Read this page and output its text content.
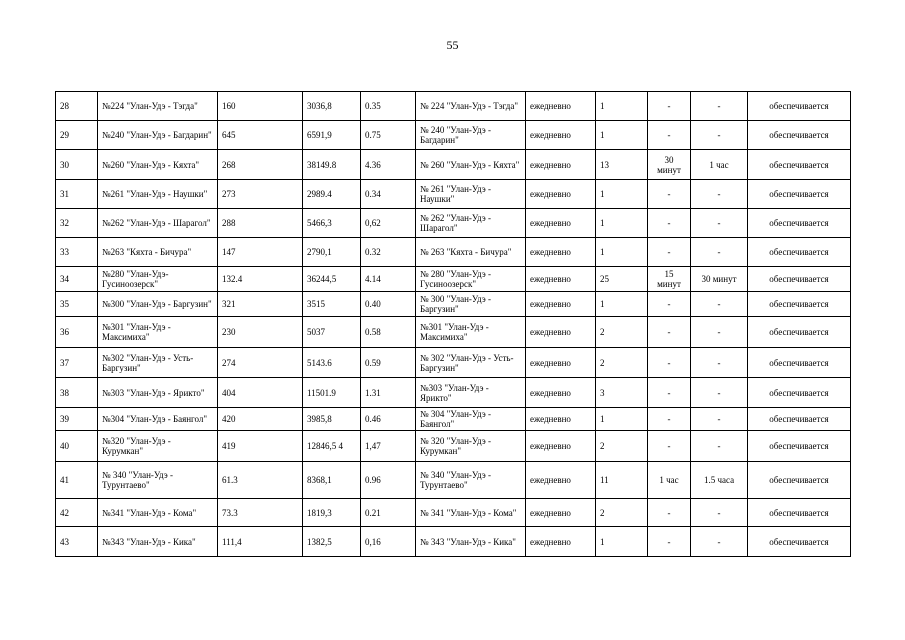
55
28	№224 "Улан-Удэ - Тэгда"	160	3036,8	0.35	№ 224 "Улан-Удэ - Тэгда"	ежедневно	1	-	-	обеспечивается
29	№240 "Улан-Удэ - Багдарин"	645	6591,9	0.75	№ 240 "Улан-Удэ - Багдарин"	ежедневно	1	-	-	обеспечивается
30	№260 "Улан-Удэ - Кяхта"	268	38149.8	4.36	№ 260 "Улан-Удэ - Кяхта"	ежедневно	13	30 минут	1 час	обеспечивается
31	№261 "Улан-Удэ - Наушки"	273	2989.4	0.34	№ 261 "Улан-Удэ - Наушки"	ежедневно	1	-	-	обеспечивается
32	№262 "Улан-Удэ - Шарагол"	288	5466,3	0,62	№ 262 "Улан-Удэ - Шарагол"	ежедневно	1	-	-	обеспечивается
33	№263 "Кяхта - Бичура"	147	2790,1	0.32	№ 263 "Кяхта - Бичура"	ежедневно	1	-	-	обеспечивается
34	№280 "Улан-Удэ-Гусиноозерск"	132.4	36244,5	4.14	№ 280 "Улан-Удэ - Гусиноозерск"	ежедневно	25	15 минут	30 минут	обеспечивается
35	№300 "Улан-Удэ - Баргузин"	321	3515	0.40	№ 300 "Улан-Удэ - Баргузин"	ежедневно	1	-	-	обеспечивается
36	№301 "Улан-Удэ - Максимиха"	230	5037	0.58	№301 "Улан-Удэ - Максимиха"	ежедневно	2	-	-	обеспечивается
37	№302 "Улан-Удэ - Усть-Баргузин"	274	5143.6	0.59	№ 302 "Улан-Удэ - Усть-Баргузин"	ежедневно	2	-	-	обеспечивается
38	№303 "Улан-Удэ - Ярикто"	404	11501.9	1.31	№303 "Улан-Удэ - Ярикто"	ежедневно	3	-	-	обеспечивается
39	№304 "Улан-Удэ - Баянгол"	420	3985,8	0.46	№ 304 "Улан-Удэ - Баянгол"	ежедневно	1	-	-	обеспечивается
40	№320 "Улан-Удэ - Курумкан"	419	12846,5 4	1,47	№ 320 "Улан-Удэ - Курумкан"	ежедневно	2	-	-	обеспечивается
41	№ 340 "Улан-Удэ - Турунтаево"	61.3	8368,1	0.96	№ 340 "Улан-Удэ - Турунтаево"	ежедневно	11	1 час	1.5 часа	обеспечивается
42	№341 "Улан-Удэ - Кома"	73.3	1819,3	0.21	№ 341 "Улан-Удэ - Кома"	ежедневно	2	-	-	обеспечивается
43	№343 "Улан-Удэ - Кика"	111,4	1382,5	0,16	№ 343 "Улан-Удэ - Кика"	ежедневно	1	-	-	обеспечивается
